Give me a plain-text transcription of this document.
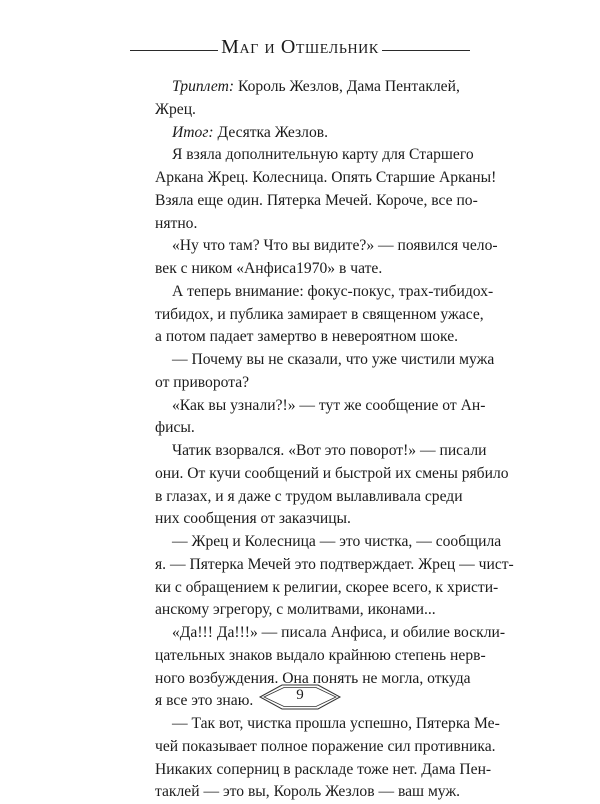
Маг и Отшельник
Триплет: Король Жезлов, Дама Пентаклей,
Жрец.
Итог: Десятка Жезлов.
Я взяла дополнительную карту для Старшего
Аркана Жрец. Колесница. Опять Старшие Арканы!
Взяла еще один. Пятерка Мечей. Короче, все по-
нятно.
«Ну что там? Что вы видите?» — появился чело-
век с ником «Анфиса1970» в чате.
А теперь внимание: фокус-покус, трах-тибидох-
тибидох, и публика замирает в священном ужасе,
а потом падает замертво в невероятном шоке.
— Почему вы не сказали, что уже чистили мужа
от приворота?
«Как вы узнали?!» — тут же сообщение от Ан-
фисы.
Чатик взорвался. «Вот это поворот!» — писали
они. От кучи сообщений и быстрой их смены рябило
в глазах, и я даже с трудом вылавливала среди
них сообщения от заказчицы.
— Жрец и Колесница — это чистка, — сообщила
я. — Пятерка Мечей это подтверждает. Жрец — чист-
ки с обращением к религии, скорее всего, к христи-
анскому эгрегору, с молитвами, иконами...
«Да!!! Да!!!» — писала Анфиса, и обилие воскли-
цательных знаков выдало крайнюю степень нерв-
ного возбуждения. Она понять не могла, откуда
я все это знаю.
— Так вот, чистка прошла успешно, Пятерка Ме-
чей показывает полное поражение сил противника.
Никаких соперниц в раскладе тоже нет. Дама Пен-
таклей — это вы, Король Жезлов — ваш муж.
9
